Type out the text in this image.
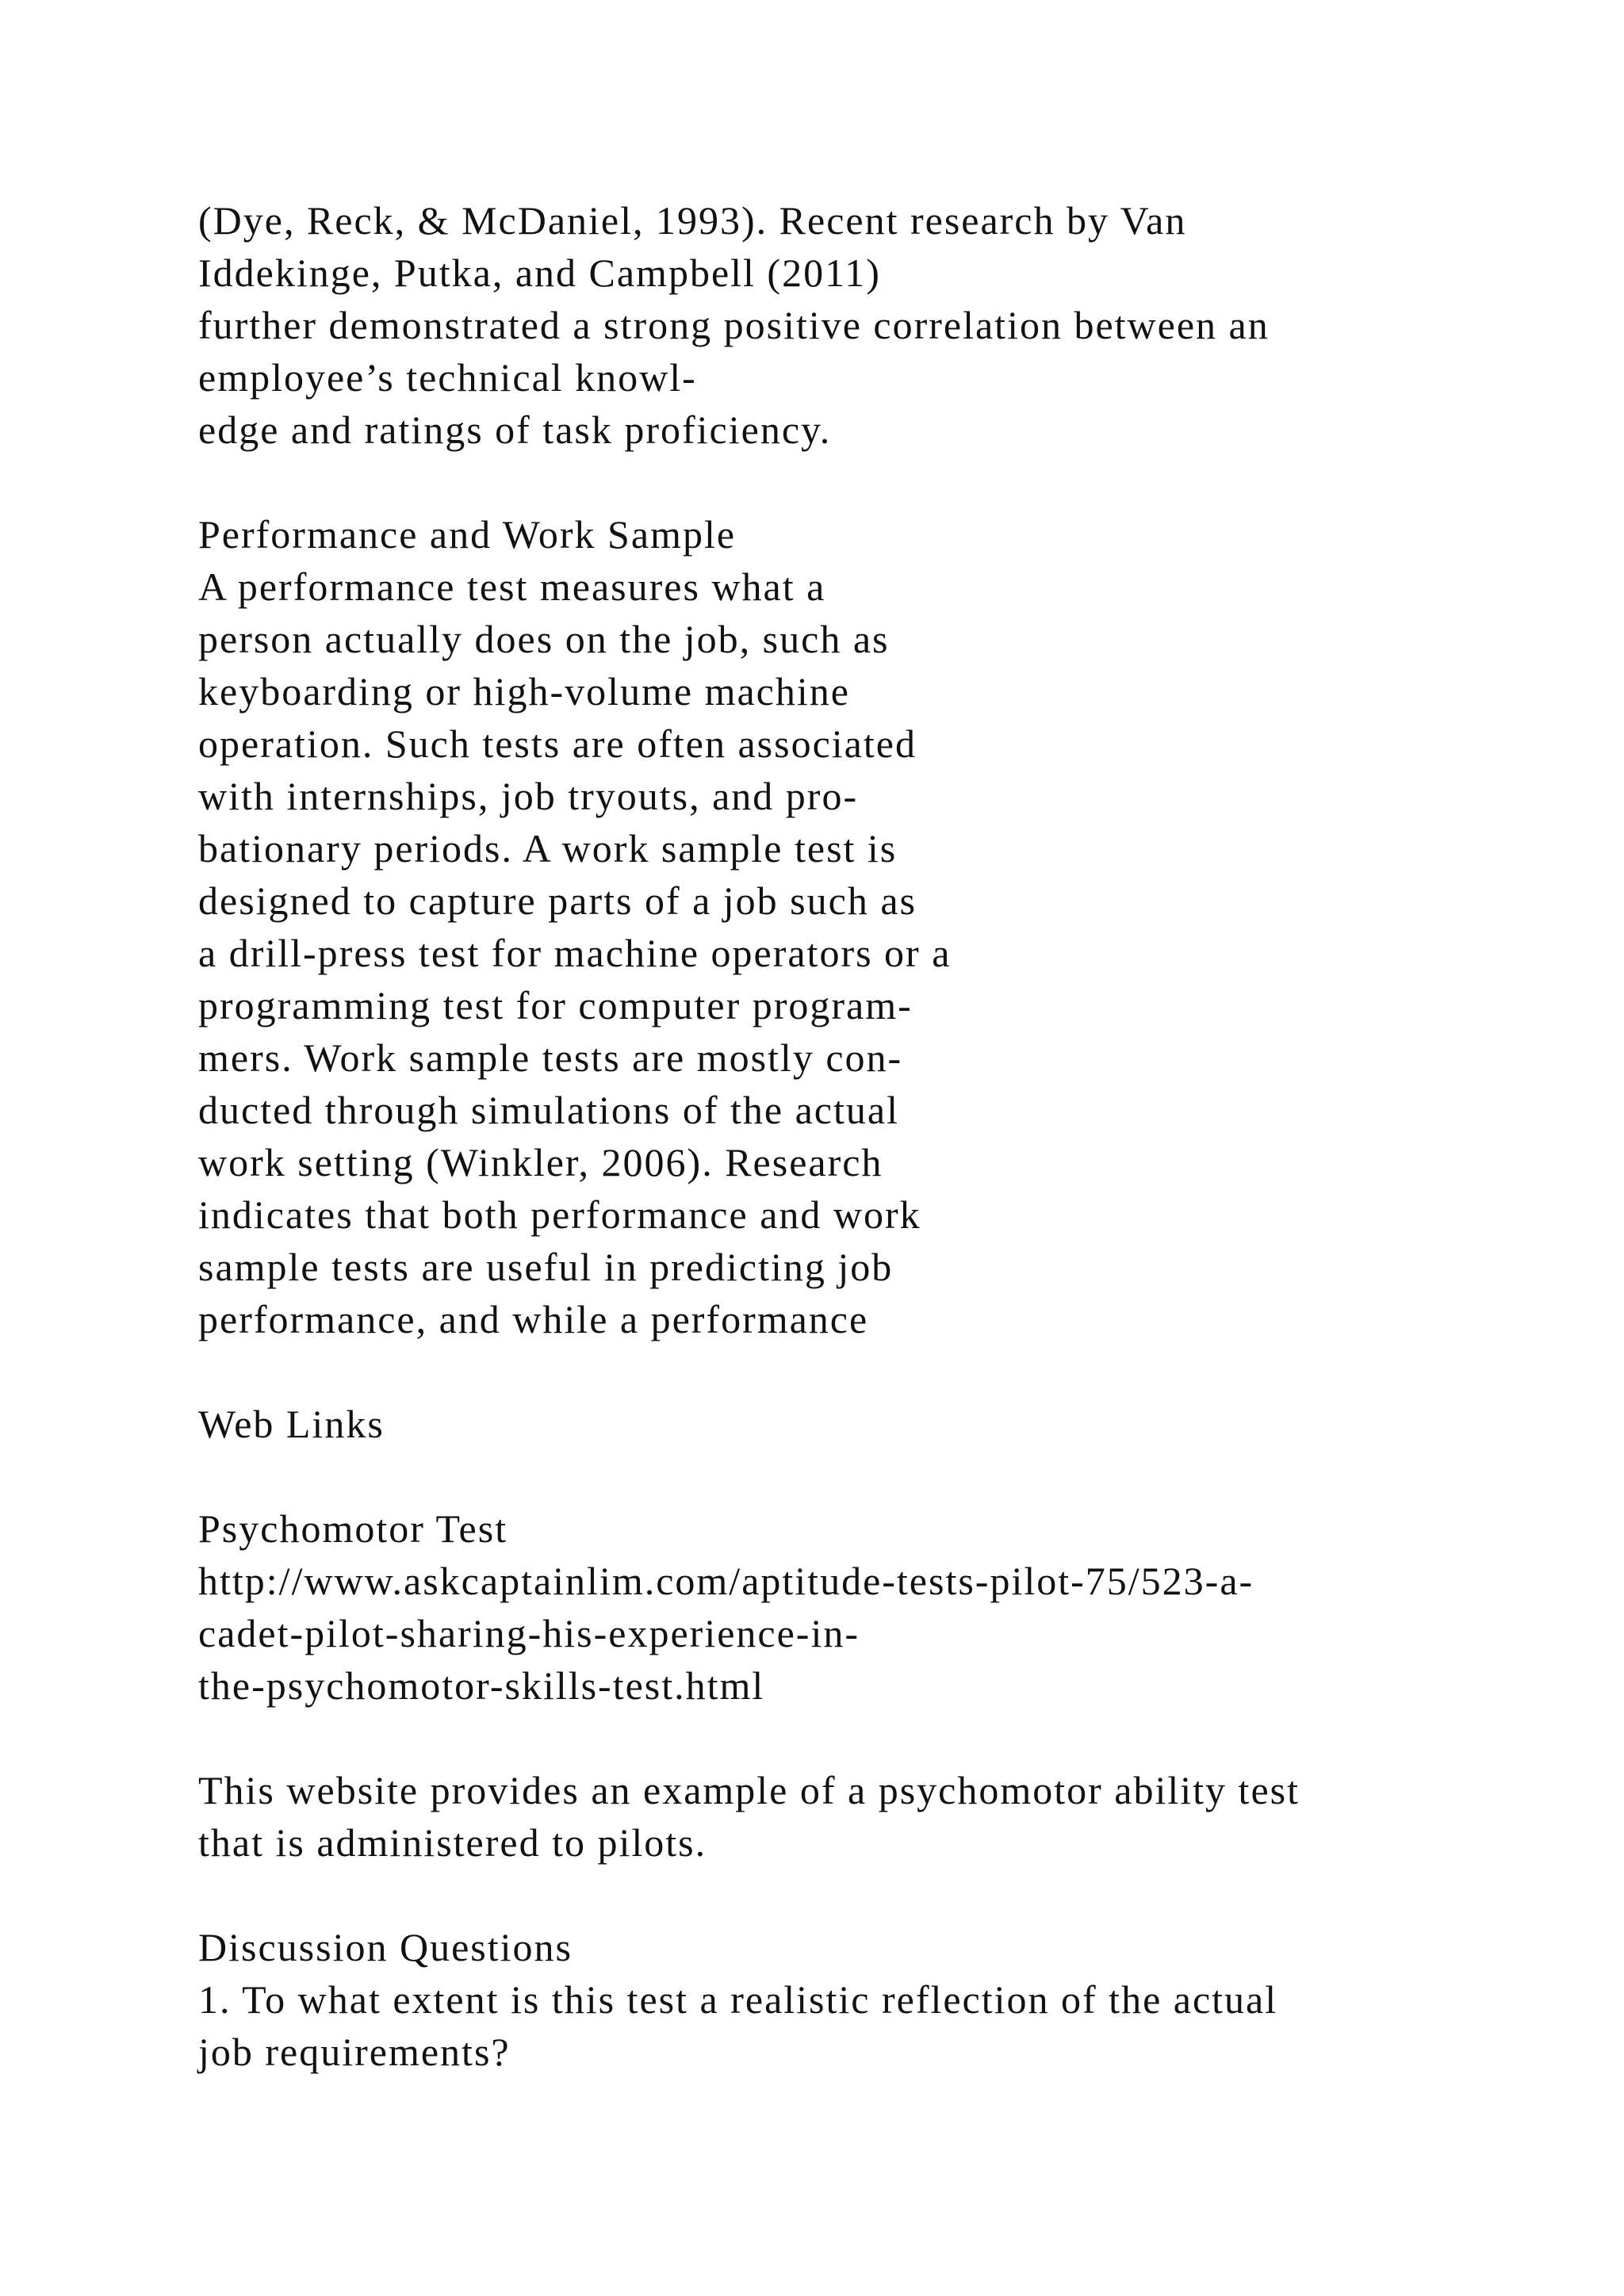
(Dye, Reck, & McDaniel, 1993). Recent research by Van
Iddekinge, Putka, and Campbell (2011)
further demonstrated a strong positive correlation between an
employee’s technical knowl-
edge and ratings of task proficiency.
Performance and Work Sample
A performance test measures what a
person actually does on the job, such as
keyboarding or high-volume machine
operation. Such tests are often associated
with internships, job tryouts, and pro-
bationary periods. A work sample test is
designed to capture parts of a job such as
a drill-press test for machine operators or a
programming test for computer program-
mers. Work sample tests are mostly con-
ducted through simulations of the actual
work setting (Winkler, 2006). Research
indicates that both performance and work
sample tests are useful in predicting job
performance, and while a performance
Web Links
Psychomotor Test
http://www.askcaptainlim.com/aptitude-tests-pilot-75/523-a-
cadet-pilot-sharing-his-experience-in-
the-psychomotor-skills-test.html
This website provides an example of a psychomotor ability test
that is administered to pilots.
Discussion Questions
1. To what extent is this test a realistic reflection of the actual
job requirements?
